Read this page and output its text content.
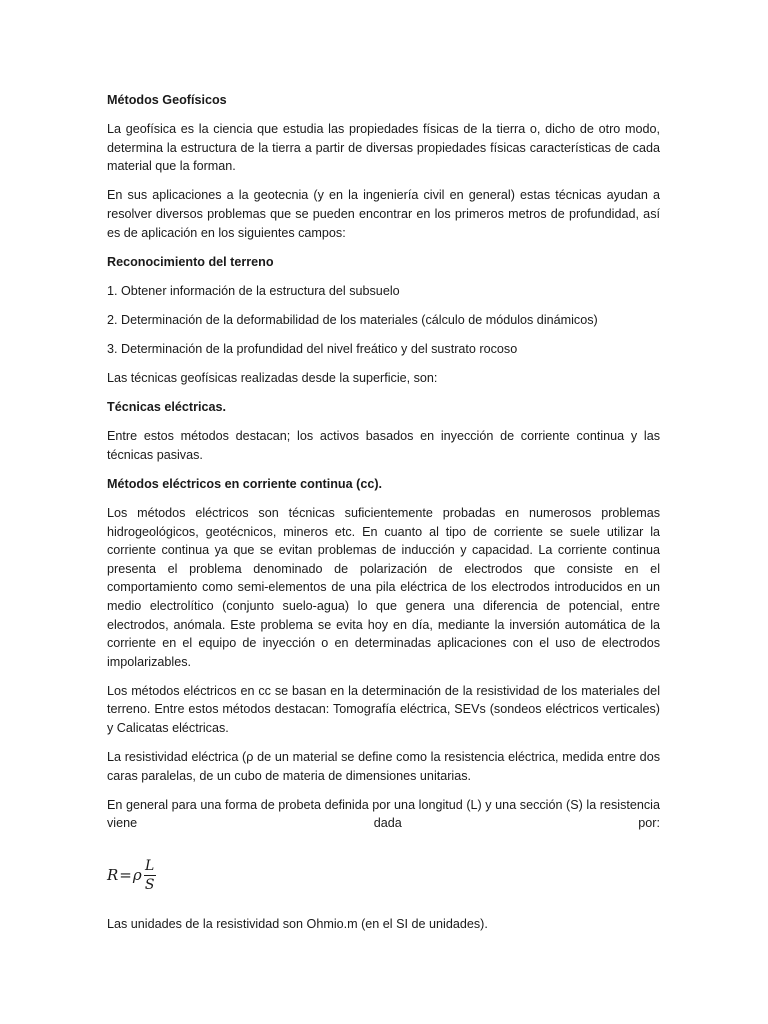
Métodos Geofísicos

La geofísica es la ciencia que estudia las propiedades físicas de la tierra o, dicho de otro modo, determina la estructura de la tierra a partir de diversas propiedades físicas características de cada material que la forman.

En sus aplicaciones a la geotecnia (y en la ingeniería civil en general) estas técnicas ayudan a resolver diversos problemas que se pueden encontrar en los primeros metros de profundidad, así es de aplicación en los siguientes campos:

Reconocimiento del terreno

1. Obtener información de la estructura del subsuelo

2. Determinación de la deformabilidad de los materiales (cálculo de módulos dinámicos)

3. Determinación de la profundidad del nivel freático y del sustrato rocoso

Las técnicas geofísicas realizadas desde la superficie, son:

Técnicas eléctricas.

Entre estos métodos destacan; los activos basados en inyección de corriente continua y las técnicas pasivas.

Métodos eléctricos en corriente continua (cc).

Los métodos eléctricos son técnicas suficientemente probadas en numerosos problemas hidrogeológicos, geotécnicos, mineros etc. En cuanto al tipo de corriente se suele utilizar la corriente continua ya que se evitan problemas de inducción y capacidad. La corriente continua presenta el problema denominado de polarización de electrodos que consiste en el comportamiento como semi-elementos de una pila eléctrica de los electrodos introducidos en un medio electrolítico (conjunto suelo-agua) lo que genera una diferencia de potencial, entre electrodos, anómala. Este problema se evita hoy en día, mediante la inversión automática de la corriente en el equipo de inyección o en determinadas aplicaciones con el uso de electrodos impolarizables.

Los métodos eléctricos en cc se basan en la determinación de la resistividad de los materiales del terreno. Entre estos métodos destacan: Tomografía eléctrica, SEVs (sondeos eléctricos verticales) y Calicatas eléctricas.

La resistividad eléctrica (ρ de un material se define como la resistencia eléctrica, medida entre dos caras paralelas, de un cubo de materia de dimensiones unitarias.

En general para una forma de probeta definida por una longitud (L) y una sección (S) la resistencia viene dada por:

R = ρ $\frac{L}{S}$

Las unidades de la resistividad son Ohmio.m (en el SI de unidades).
